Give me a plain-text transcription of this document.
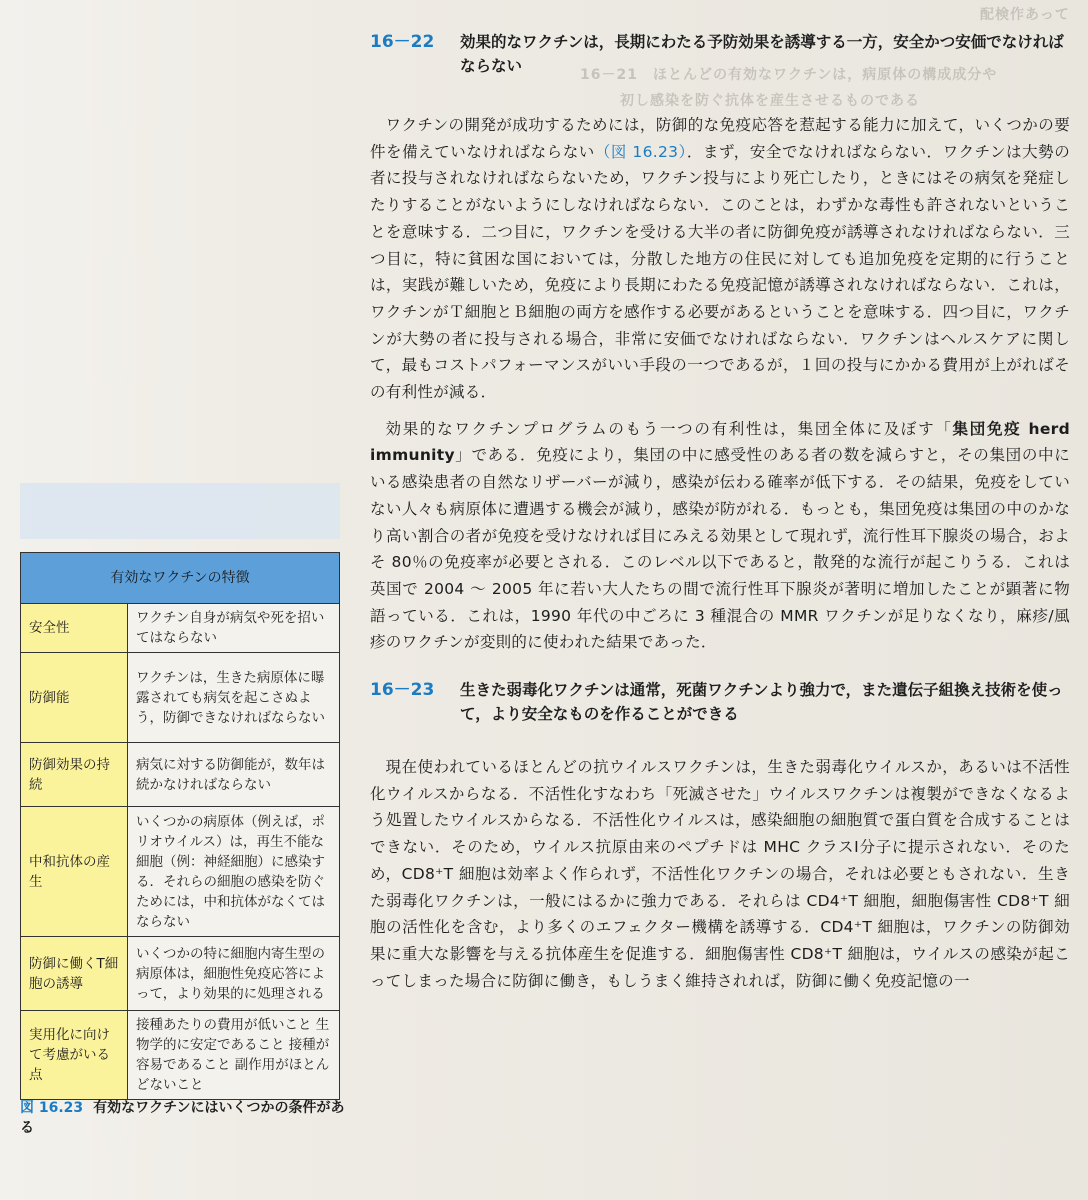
配検作あって
16－21　ほとんどの有効なワクチンは，病原体の構成成分や
初し感染を防ぐ抗体を産生させるものである
有効なワクチンの特徴	
安全性	ワクチン自身が病気や死を招いてはならない
防御能	ワクチンは，生きた病原体に曝露されても病気を起こさぬよう，防御できなければならない
防御効果の持続	病気に対する防御能が，数年は続かなければならない
中和抗体の産生	いくつかの病原体（例えば，ポリオウイルス）は，再生不能な細胞（例：神経細胞）に感染する．それらの細胞の感染を防ぐためには，中和抗体がなくてはならない
防御に働くT細胞の誘導	いくつかの特に細胞内寄生型の病原体は，細胞性免疫応答によって，より効果的に処理される
実用化に向けて考慮がいる点	接種あたりの費用が低いこと 生物学的に安定であること 接種が容易であること 副作用がほとんどないこと
図 16.23 有効なワクチンにはいくつかの条件がある
16－22	効果的なワクチンは，長期にわたる予防効果を誘導する一方，安全かつ安価でなければならない

ワクチンの開発が成功するためには，防御的な免疫応答を惹起する能力に加えて，いくつかの要件を備えていなければならない（図 16.23）．まず，安全でなければならない．ワクチンは大勢の者に投与されなければならないため，ワクチン投与により死亡したり，ときにはその病気を発症したりすることがないようにしなければならない．このことは，わずかな毒性も許されないということを意味する．二つ目に，ワクチンを受ける大半の者に防御免疫が誘導されなければならない．三つ目に，特に貧困な国においては，分散した地方の住民に対しても追加免疫を定期的に行うことは，実践が難しいため，免疫により長期にわたる免疫記憶が誘導されなければならない．これは，ワクチンがＴ細胞とＢ細胞の両方を感作する必要があるということを意味する．四つ目に，ワクチンが大勢の者に投与される場合，非常に安価でなければならない．ワクチンはヘルスケアに関して，最もコストパフォーマンスがいい手段の一つであるが，１回の投与にかかる費用が上がればその有利性が減る．

効果的なワクチンプログラムのもう一つの有利性は，集団全体に及ぼす「集団免疫 herd immunity」である．免疫により，集団の中に感受性のある者の数を減らすと，その集団の中にいる感染患者の自然なリザーバーが減り，感染が伝わる確率が低下する．その結果，免疫をしていない人々も病原体に遭遇する機会が減り，感染が防がれる．もっとも，集団免疫は集団の中のかなり高い割合の者が免疫を受けなければ目にみえる効果として現れず，流行性耳下腺炎の場合，およそ 80％の免疫率が必要とされる．このレベル以下であると，散発的な流行が起こりうる．これは英国で 2004 ～ 2005 年に若い大人たちの間で流行性耳下腺炎が著明に増加したことが顕著に物語っている．これは，1990 年代の中ごろに 3 種混合の MMR ワクチンが足りなくなり，麻疹/風疹のワクチンが変則的に使われた結果であった．

16－23	生きた弱毒化ワクチンは通常，死菌ワクチンより強力で，また遺伝子組換え技術を使って，より安全なものを作ることができる

現在使われているほとんどの抗ウイルスワクチンは，生きた弱毒化ウイルスか，あるいは不活性化ウイルスからなる．不活性化すなわち「死滅させた」ウイルスワクチンは複製ができなくなるよう処置したウイルスからなる．不活性化ウイルスは，感染細胞の細胞質で蛋白質を合成することはできない．そのため，ウイルス抗原由来のペプチドは MHC クラスⅠ分子に提示されない．そのため，CD8⁺T 細胞は効率よく作られず，不活性化ワクチンの場合，それは必要ともされない．生きた弱毒化ワクチンは，一般にはるかに強力である．それらは CD4⁺T 細胞，細胞傷害性 CD8⁺T 細胞の活性化を含む，より多くのエフェクター機構を誘導する．CD4⁺T 細胞は，ワクチンの防御効果に重大な影響を与える抗体産生を促進する．細胞傷害性 CD8⁺T 細胞は，ウイルスの感染が起こってしまった場合に防御に働き，もしうまく維持されれば，防御に働く免疫記憶の一
